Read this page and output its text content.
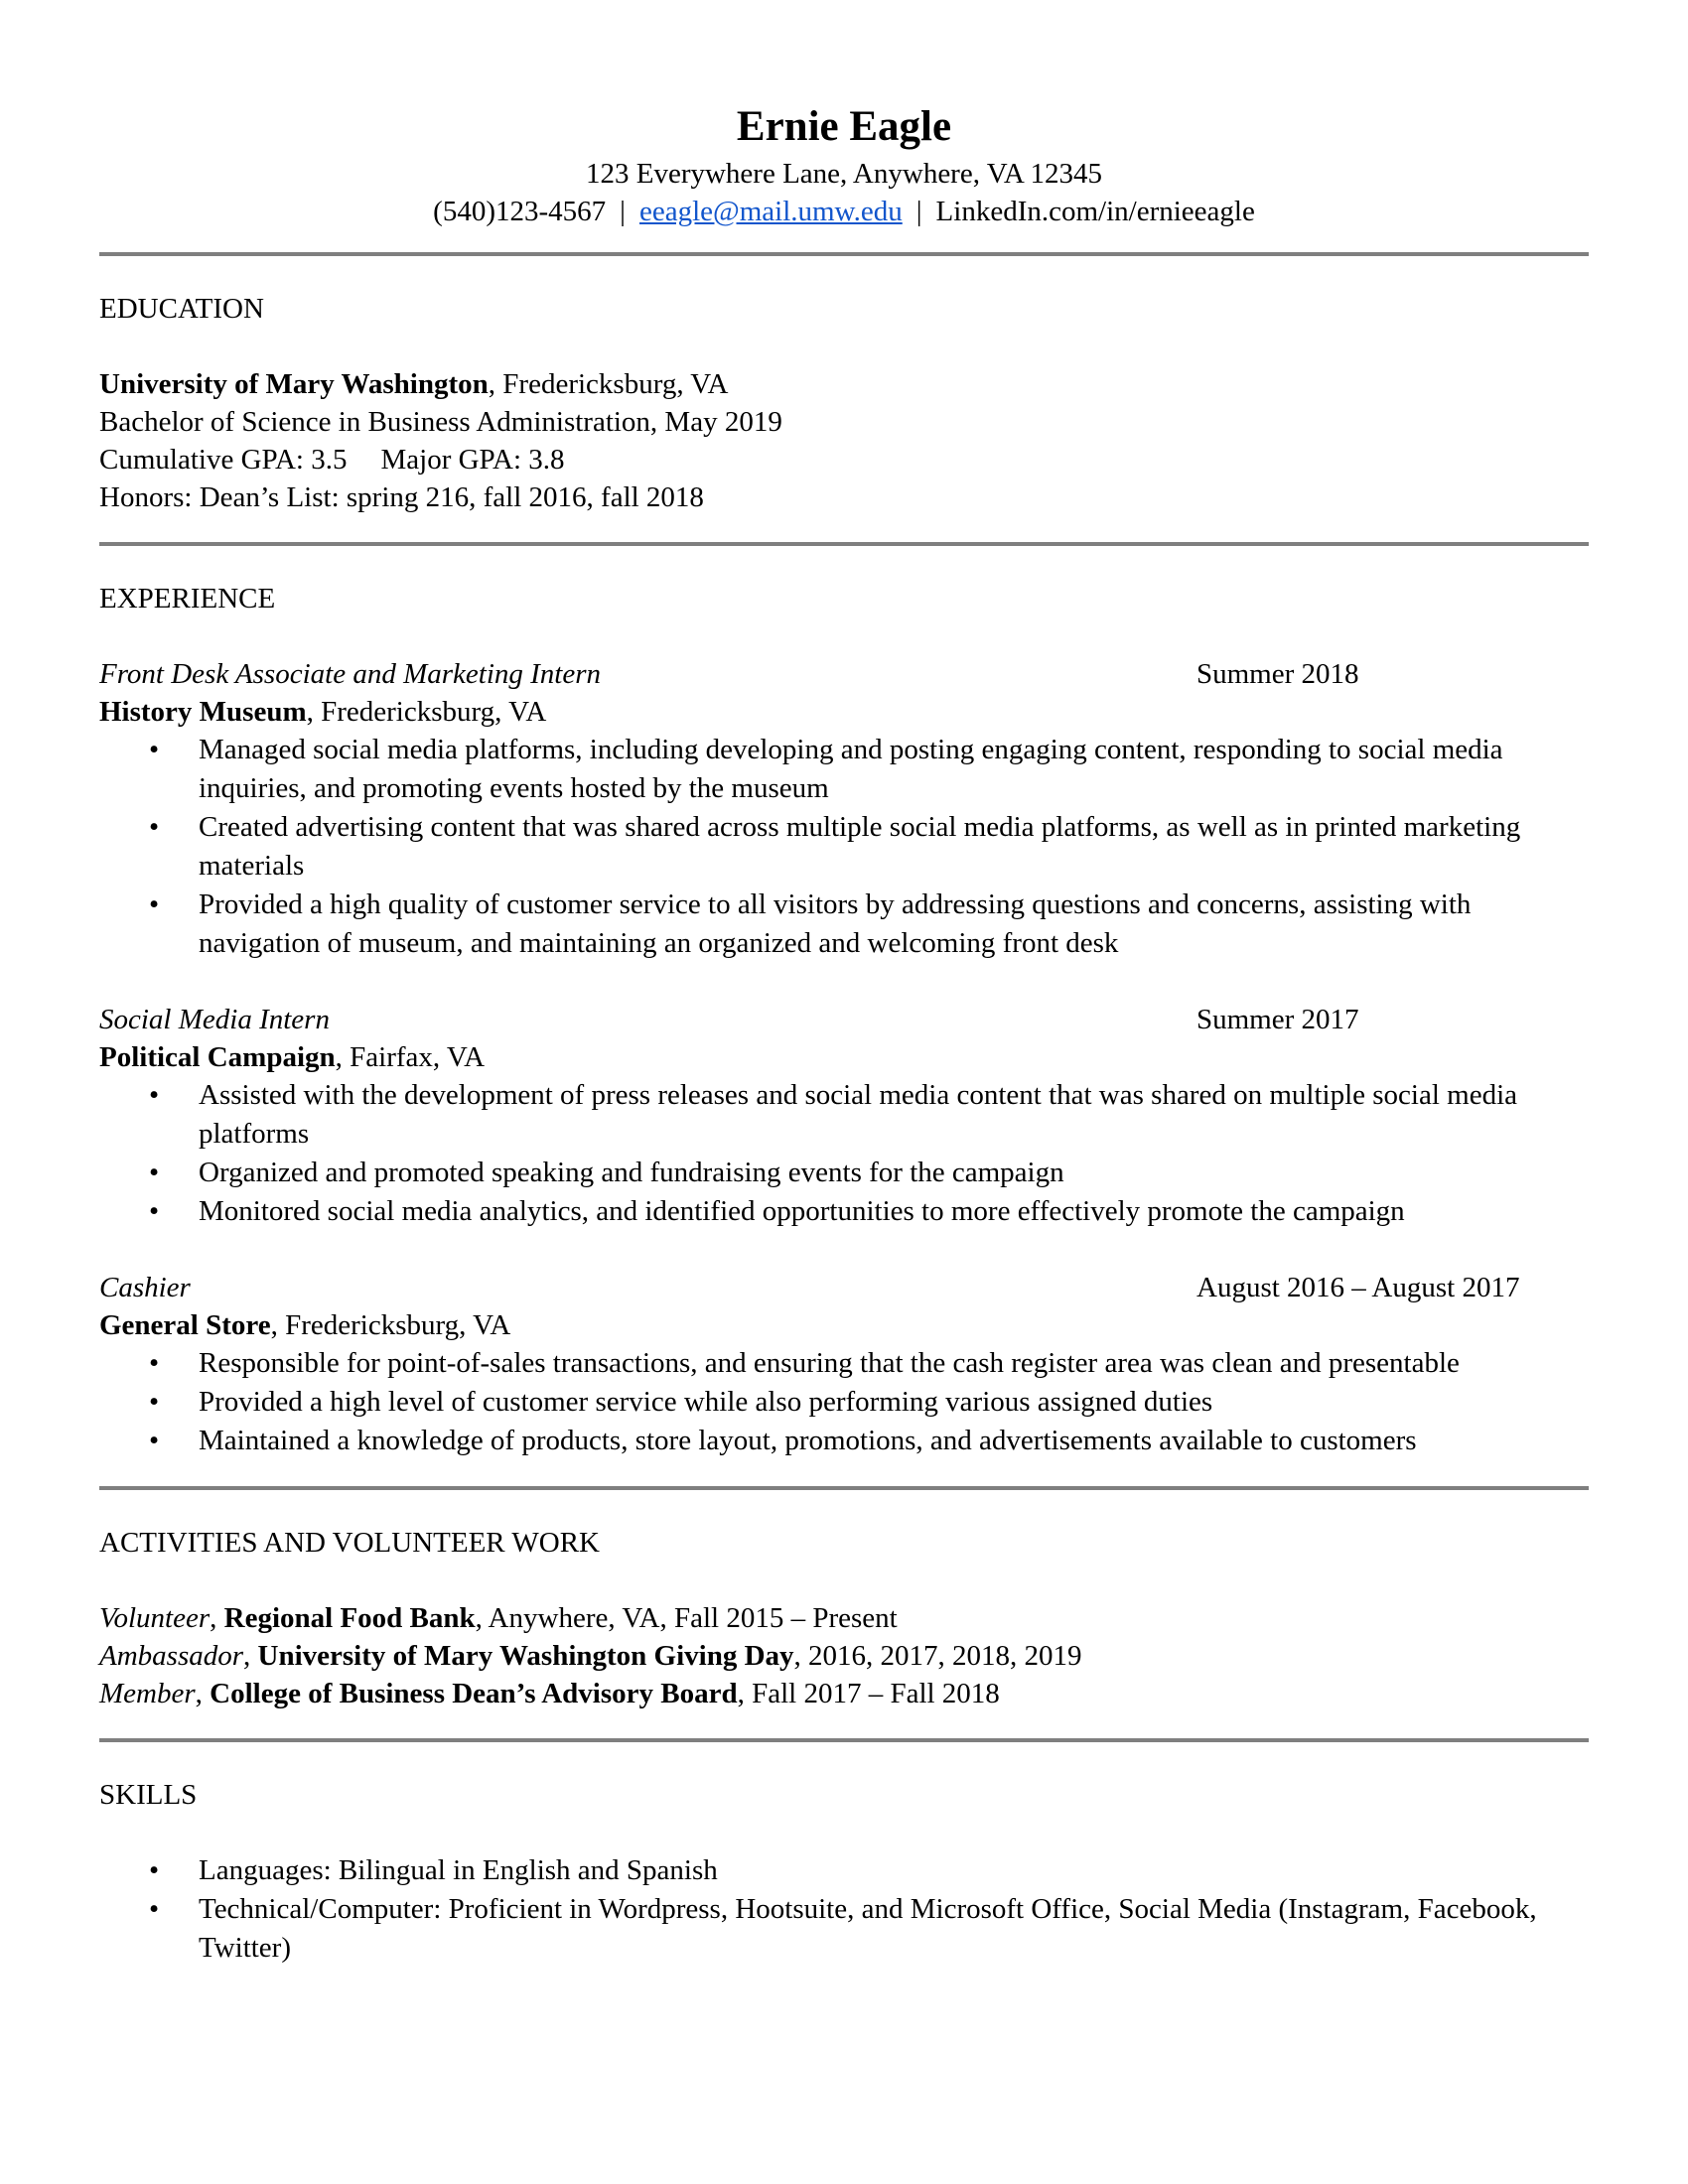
Ernie Eagle
123 Everywhere Lane, Anywhere, VA 12345
(540)123-4567 | eeagle@mail.umw.edu | LinkedIn.com/in/ernieeagle
EDUCATION
University of Mary Washington, Fredericksburg, VA
Bachelor of Science in Business Administration, May 2019
Cumulative GPA: 3.5 Major GPA: 3.8
Honors: Dean’s List: spring 216, fall 2016, fall 2018
EXPERIENCE
Front Desk Associate and Marketing Intern	Summer 2018
History Museum, Fredericksburg, VA
• Managed social media platforms, including developing and posting engaging content, responding to social media inquiries, and promoting events hosted by the museum
• Created advertising content that was shared across multiple social media platforms, as well as in printed marketing materials
• Provided a high quality of customer service to all visitors by addressing questions and concerns, assisting with navigation of museum, and maintaining an organized and welcoming front desk
Social Media Intern	Summer 2017
Political Campaign, Fairfax, VA
• Assisted with the development of press releases and social media content that was shared on multiple social media platforms
• Organized and promoted speaking and fundraising events for the campaign
• Monitored social media analytics, and identified opportunities to more effectively promote the campaign
Cashier	August 2016 – August 2017
General Store, Fredericksburg, VA
• Responsible for point-of-sales transactions, and ensuring that the cash register area was clean and presentable
• Provided a high level of customer service while also performing various assigned duties
• Maintained a knowledge of products, store layout, promotions, and advertisements available to customers
ACTIVITIES AND VOLUNTEER WORK
Volunteer, Regional Food Bank, Anywhere, VA, Fall 2015 – Present
Ambassador, University of Mary Washington Giving Day, 2016, 2017, 2018, 2019
Member, College of Business Dean’s Advisory Board, Fall 2017 – Fall 2018
SKILLS
• Languages: Bilingual in English and Spanish
• Technical/Computer: Proficient in Wordpress, Hootsuite, and Microsoft Office, Social Media (Instagram, Facebook, Twitter)
